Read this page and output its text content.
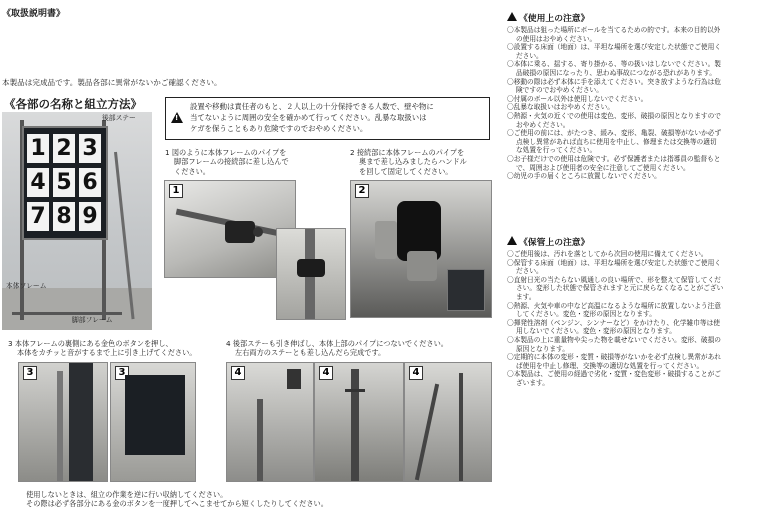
《取扱説明書》
本製品は完成品です。製品各部に異常がないかご確認ください。
《各部の名称と組立方法》
1 2 3
4 5 6
7 8 9
後部ステー
本体フレーム
脚部フレーム
!
設置や移動は責任者のもと、２人以上の十分保持できる人数で、壁や物に
当てないように周囲の安全を確かめて行ってください。乱暴な取扱いは
ケガを保うこともあり危険ですのでおやめください。
1 図のように本体フレームのパイプを
脚部フレームの接続部に差し込んで
ください。
1
2 接続部に本体フレームのパイプを
奥まで差し込みましたらハンドル
を回して固定してください。
2
3 本体フレームの裏側にある金色のボタンを押し、
本体をカチッと音がするまで上に引き上げてください。
3	3
4 後部ステーも引き伸ばし、本体上部のパイプにつないでください。
左右両方のステーとも差し込んだら完成です。
4	4	4
使用しないときは、組立の作業を逆に行い収納してください。
その際は必ず各部分にある金のボタンを一度押してへこませてから短くしたりしてください。
《使用上の注意》

〇本製品は狙った場所にボールを当てるための的です。本来の目的以外

の使用はおやめください。

〇設置する床面（地面）は、平坦な場所を選び安定した状態でご使用く

ださい。

〇本体に乗る、揺する、寄り掛かる、等の扱いはしないでください。製

品破損の原因になったり、思わぬ事故につながる恐れがあります。

〇移動の際は必ず本体に手を添えてください。突き放すような行為は危

険ですのでおやめください。

〇付属のボール以外は使用しないでください。

〇乱暴な取扱いはおやめください。

〇熱源・火気の近くでの使用は変色、変形、破損の原因となりますので

おやめください。

〇ご使用の前には、がたつき、緩み、変形、亀裂、破損等がないか必ず

点検し異常があれば直ちに使用を中止し、修理または交換等の適切

な処置を行ってください。

〇お子様だけでの使用は危険です。必ず保護者または指導員の監督もと

で、周囲および使用者の安全に注意してご使用ください。

〇幼児の手の届くところに放置しないでください。

《保管上の注意》

〇ご使用後は、汚れを落としてから次回の使用に備えてください。

〇保管する床面（地面）は、平坦な場所を選び安定した状態でご使用く

ださい。

〇直射日光の当たらない風通しの良い場所で、形を整えて保管してくだ

さい。変形した状態で保管されますと元に戻らなくなることがござい

ます。

〇熱源、火気や車の中など高温になるような場所に放置しないよう注意

してください。変色・変形の原因となります。

〇揮発性溶剤（ベンジン、シンナーなど）をかけたり、化学雑巾等は使

用しないでください。変色・変形の原因となります。

〇本製品の上に重量物や尖った物を載せないでください。変形、破損の

原因となります。

〇定期的に本体の変形・変質・破損等がないかを必ず点検し異常があれ

ば使用を中止し修理、交換等の適切な処置を行ってください。

〇本製品は、ご使用の経過で劣化・変質・変色変形・破損することがご

ざいます。
